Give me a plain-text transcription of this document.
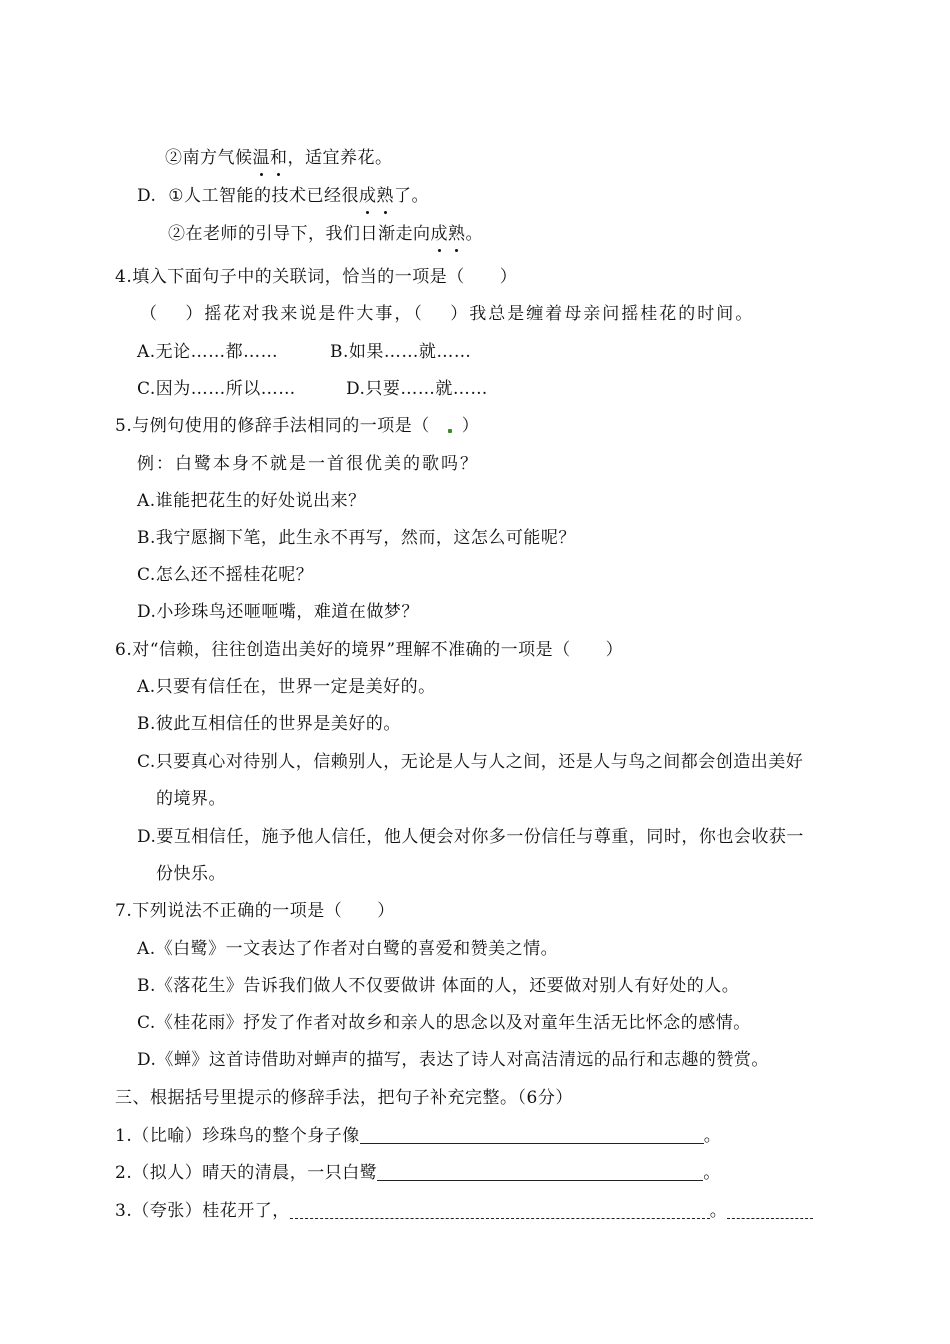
②南方气候温和，适宜养花。
D. ①人工智能的技术已经很成熟了。
②在老师的引导下，我们日渐走向成熟。
4.填入下面句子中的关联词，恰当的一项是（　　）
（　 ）摇花对我来说是件大事，（　 ）我总是缠着母亲问摇桂花的时间。
A.无论……都……	B.如果……就……
C.因为……所以……	D.只要……就……
5.与例句使用的修辞手法相同的一项是（ ）
例：白鹭本身不就是一首很优美的歌吗？
A.谁能把花生的好处说出来？
B.我宁愿搁下笔，此生永不再写，然而，这怎么可能呢？
C.怎么还不摇桂花呢？
D.小珍珠鸟还咂咂嘴，难道在做梦？
6.对“信赖，往往创造出美好的境界”理解不准确的一项是（　　）
A.只要有信任在，世界一定是美好的。
B.彼此互相信任的世界是美好的。
C.只要真心对待别人，信赖别人，无论是人与人之间，还是人与鸟之间都会创造出美好
的境界。
D.要互相信任，施予他人信任，他人便会对你多一份信任与尊重，同时，你也会收获一
份快乐。
7.下列说法不正确的一项是（　　）
A.《白鹭》一文表达了作者对白鹭的喜爱和赞美之情。
B.《落花生》告诉我们做人不仅要做讲 体面的人，还要做对别人有好处的人。
C.《桂花雨》抒发了作者对故乡和亲人的思念以及对童年生活无比怀念的感情。
D.《蝉》这首诗借助对蝉声的描写，表达了诗人对高洁清远的品行和志趣的赞赏。
三、根据括号里提示的修辞手法，把句子补充完整。（6分）
1.（比喻）珍珠鸟的整个身子像	。
2.（拟人）晴天的清晨，一只白鹭	。
3.（夸张）桂花开了，	。
